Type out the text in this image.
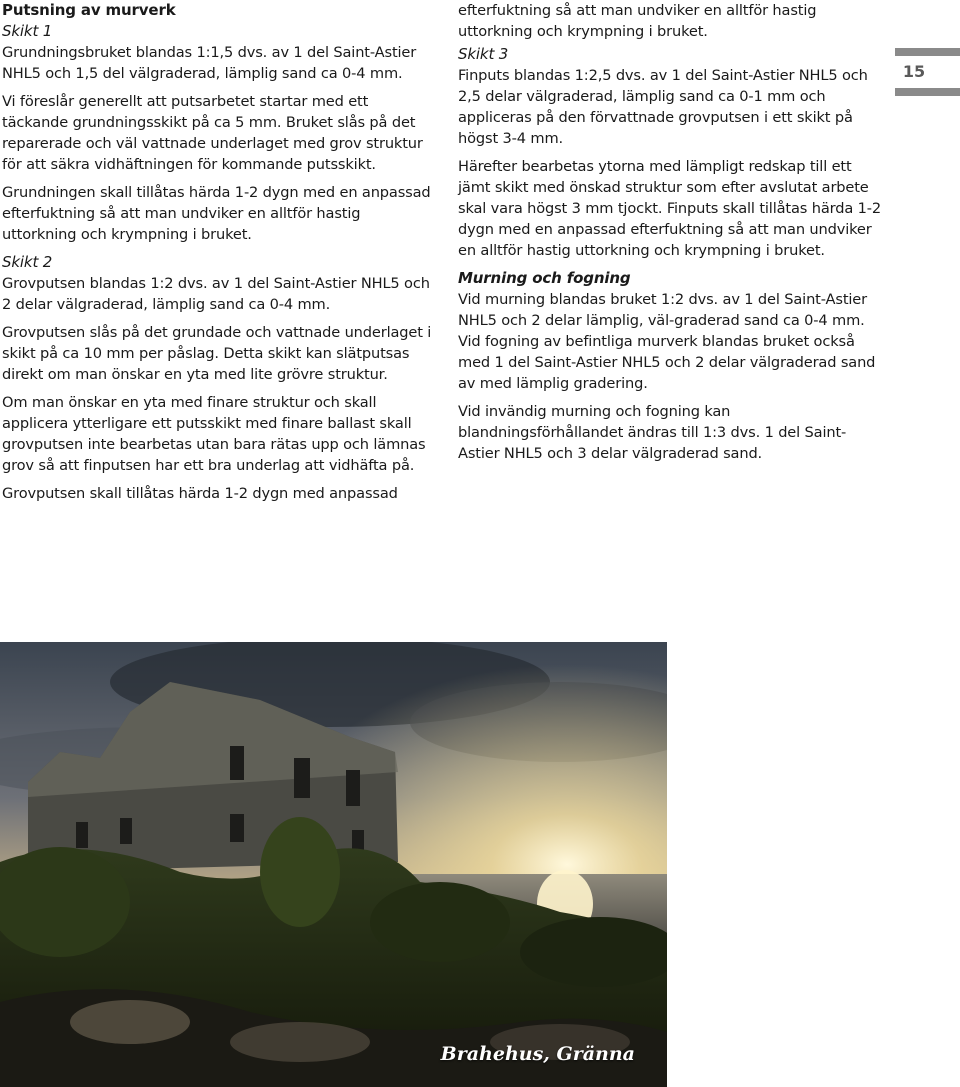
Putsning av murverk
Skikt 1

Grundningsbruket blandas 1:1,5 dvs. av 1 del Saint-Astier NHL5 och 1,5 del välgraderad, lämplig sand ca 0-4 mm.

Vi föreslår generellt att putsarbetet startar med ett täckande grundningsskikt på ca 5 mm. Bruket slås på det reparerade och väl vattnade underlaget med grov struktur för att säkra vidhäftningen för kommande putsskikt.

Grundningen skall tillåtas härda 1-2 dygn med en anpassad efterfuktning så att man undviker en alltför hastig uttorkning och krympning i bruket.

Skikt 2

Grovputsen blandas 1:2 dvs. av 1 del Saint-Astier NHL5 och 2 delar välgraderad, lämplig sand ca 0-4 mm.

Grovputsen slås på det grundade och vattnade underlaget i skikt på ca 10 mm per påslag. Detta skikt kan slätputsas direkt om man önskar en yta med lite grövre struktur.

Om man önskar en yta med finare struktur och skall applicera ytterligare ett putsskikt med finare ballast skall grovputsen inte bearbetas utan bara rätas upp och lämnas grov så att finputsen har ett bra underlag att vidhäfta på.

Grovputsen skall tillåtas härda 1-2 dygn med anpassad

efterfuktning så att man undviker en alltför hastig uttorkning och krympning i bruket.

Skikt 3

Finputs blandas 1:2,5 dvs. av 1 del Saint-Astier NHL5 och 2,5 delar välgraderad, lämplig sand ca 0-1 mm och appliceras på den förvattnade grovputsen i ett skikt på högst 3-4 mm.

Härefter bearbetas ytorna med lämpligt redskap till ett jämt skikt med önskad struktur som efter avslutat arbete skal vara högst 3 mm tjockt. Finputs skall tillåtas härda 1-2 dygn med en anpassad efterfuktning så att man undviker en alltför hastig uttorkning och krympning i bruket.

Murning och fogning

Vid murning blandas bruket 1:2 dvs. av 1 del Saint-Astier NHL5 och 2 delar lämplig, väl-graderad sand ca 0-4 mm. Vid fogning av befintliga murverk blandas bruket också med 1 del Saint-Astier NHL5 och 2 delar välgraderad sand av med lämplig gradering.

Vid invändig murning och fogning kan blandningsförhållandet ändras till 1:3 dvs. 1 del Saint-Astier NHL5 och 3 delar välgraderad sand.

15
Brahehus, Gränna
